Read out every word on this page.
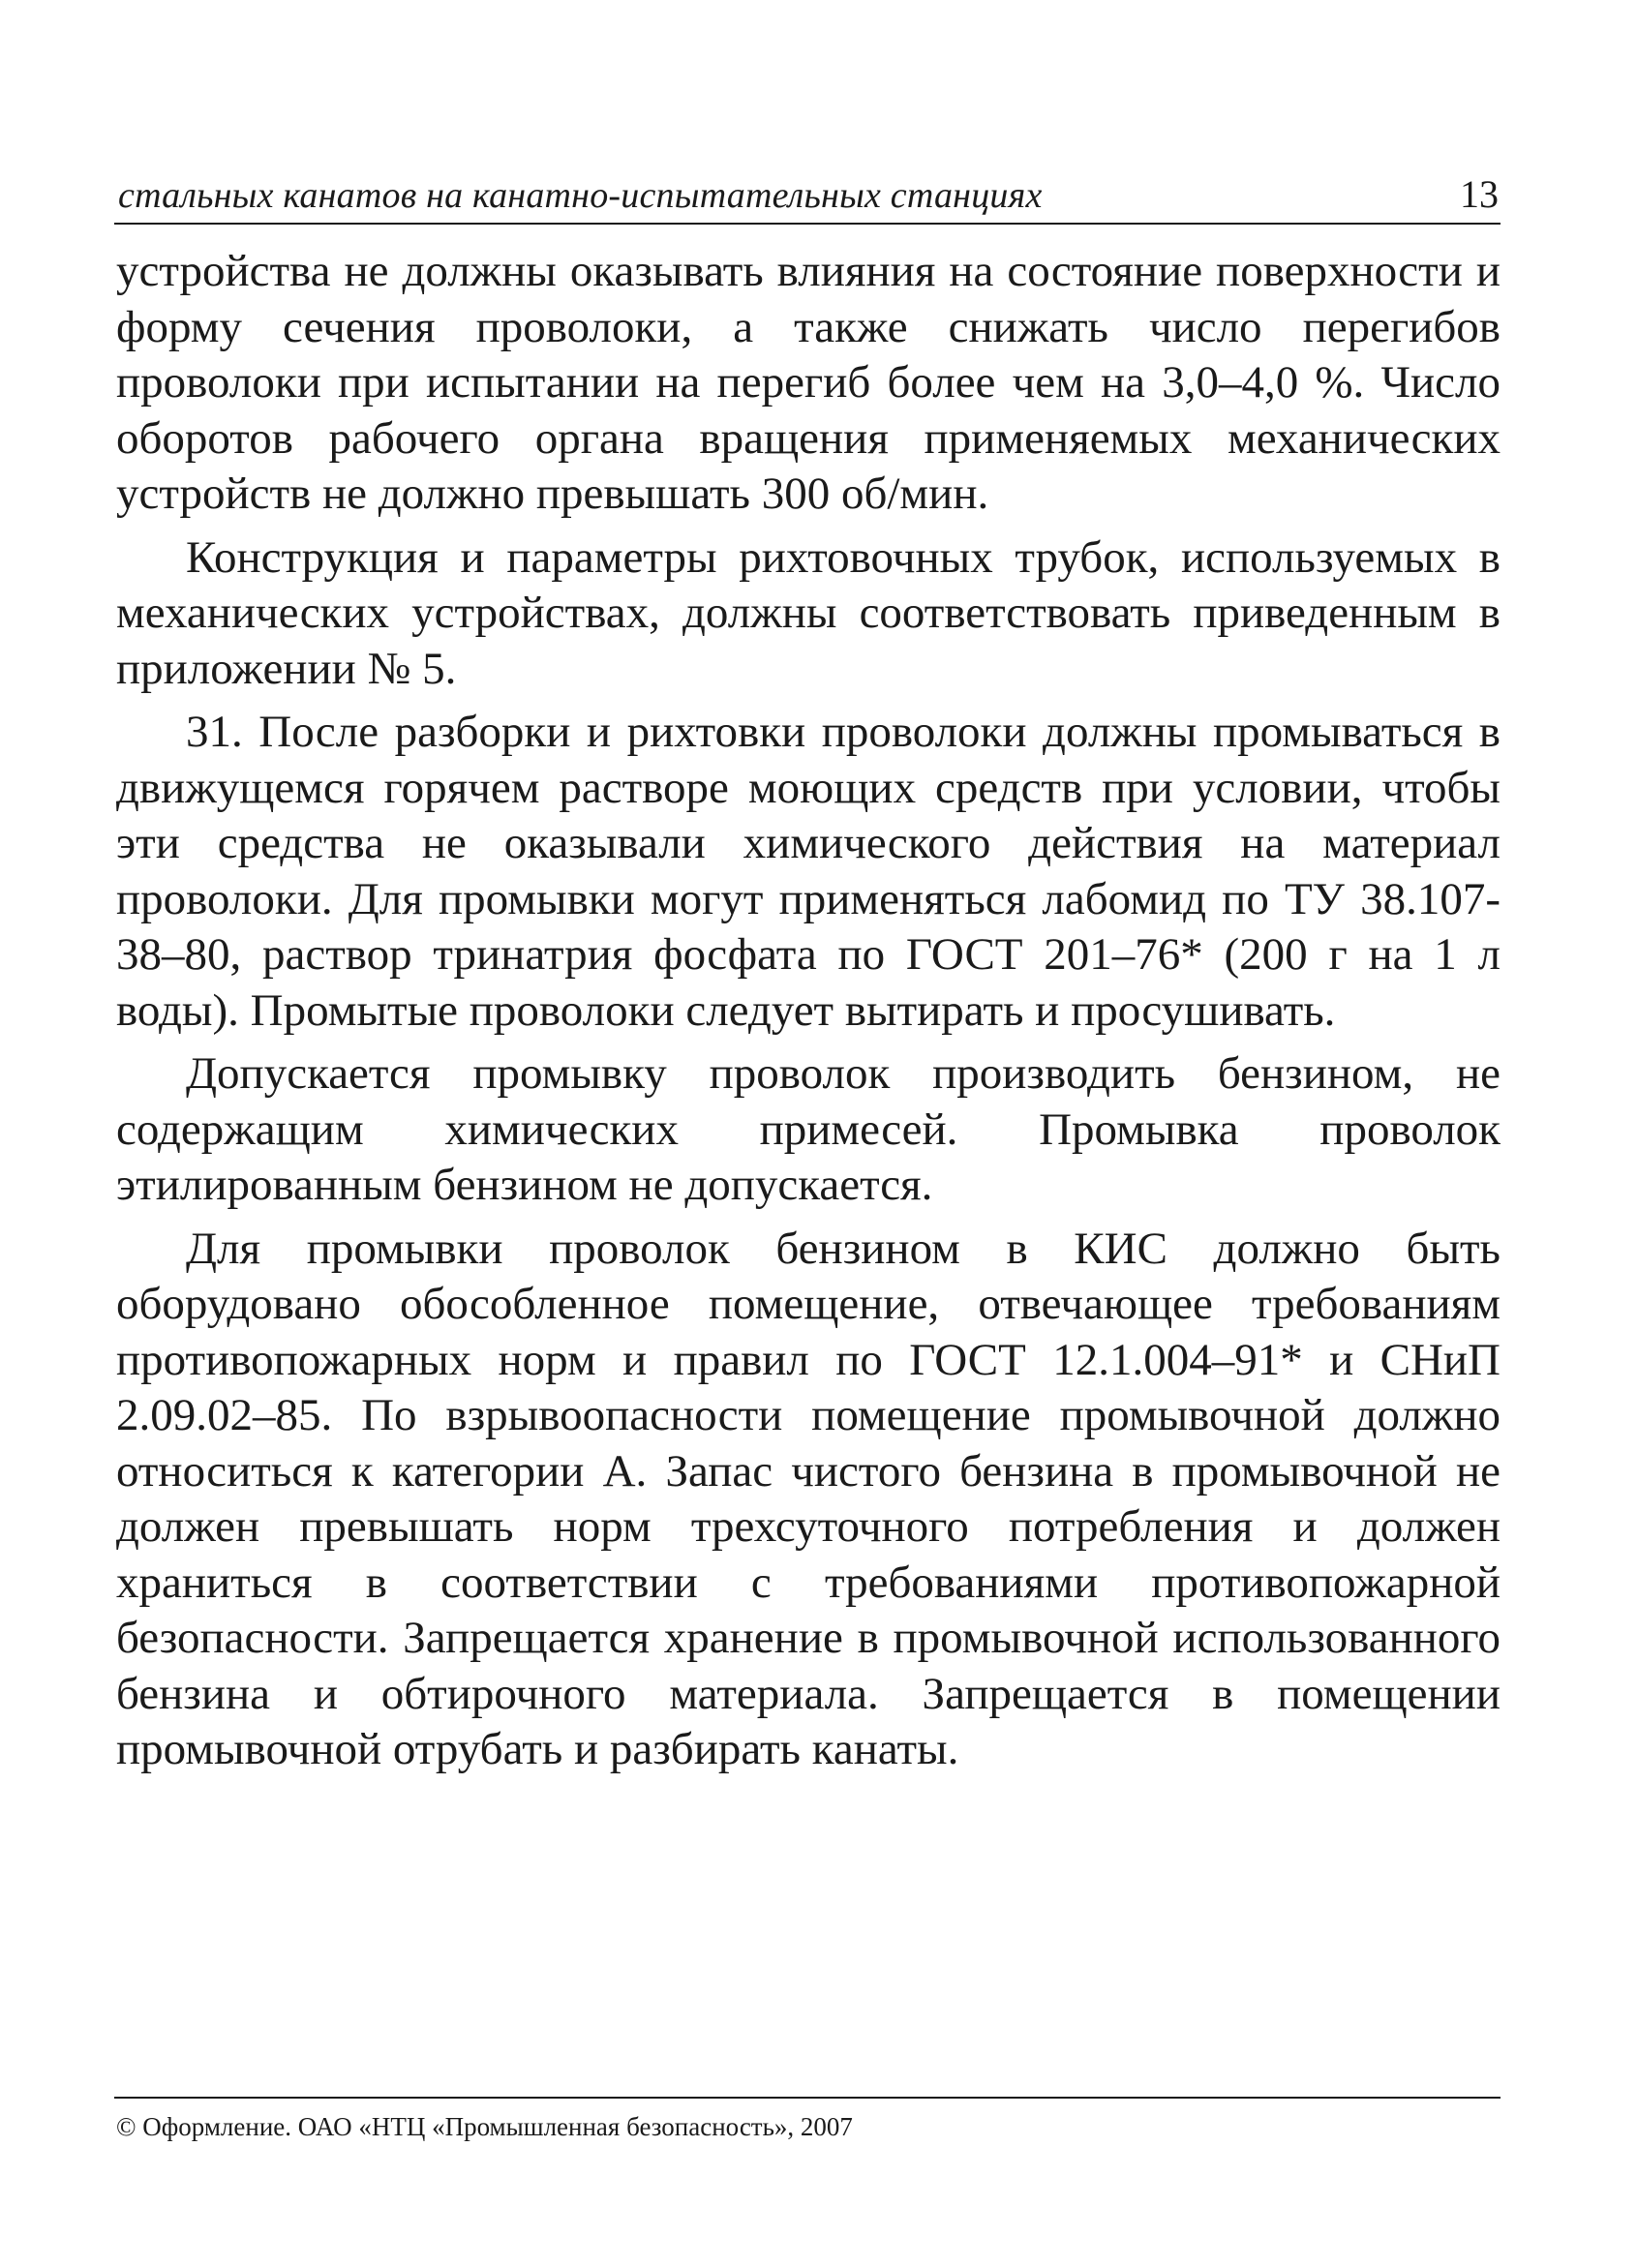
стальных канатов на канатно-испытательных станциях	13

устройства не должны оказывать влияния на состояние поверхности и форму сечения проволоки, а также снижать число перегибов проволоки при испытании на перегиб более чем на 3,0–4,0 %. Число оборотов рабочего органа вращения применяемых механических устройств не должно превышать 300 об/мин.

Конструкция и параметры рихтовочных трубок, используемых в механических устройствах, должны соответствовать приведенным в приложении № 5.

31. После разборки и рихтовки проволоки должны промываться в движущемся горячем растворе моющих средств при условии, чтобы эти средства не оказывали химического действия на материал проволоки. Для промывки могут применяться лабомид по ТУ 38.107-38–80, раствор тринатрия фосфата по ГОСТ 201–76* (200 г на 1 л воды). Промытые проволоки следует вытирать и просушивать.

Допускается промывку проволок производить бензином, не содержащим химических примесей. Промывка проволок этилированным бензином не допускается.

Для промывки проволок бензином в КИС должно быть оборудовано обособленное помещение, отвечающее требованиям противопожарных норм и правил по ГОСТ 12.1.004–91* и СНиП 2.09.02–85. По взрывоопасности помещение промывочной должно относиться к категории А. Запас чистого бензина в промывочной не должен превышать норм трехсуточного потребления и должен храниться в соответствии с требованиями противопожарной безопасности. Запрещается хранение в промывочной использованного бензина и обтирочного материала. Запрещается в помещении промывочной отрубать и разбирать канаты.

© Оформление. ОАО «НТЦ «Промышленная безопасность», 2007
